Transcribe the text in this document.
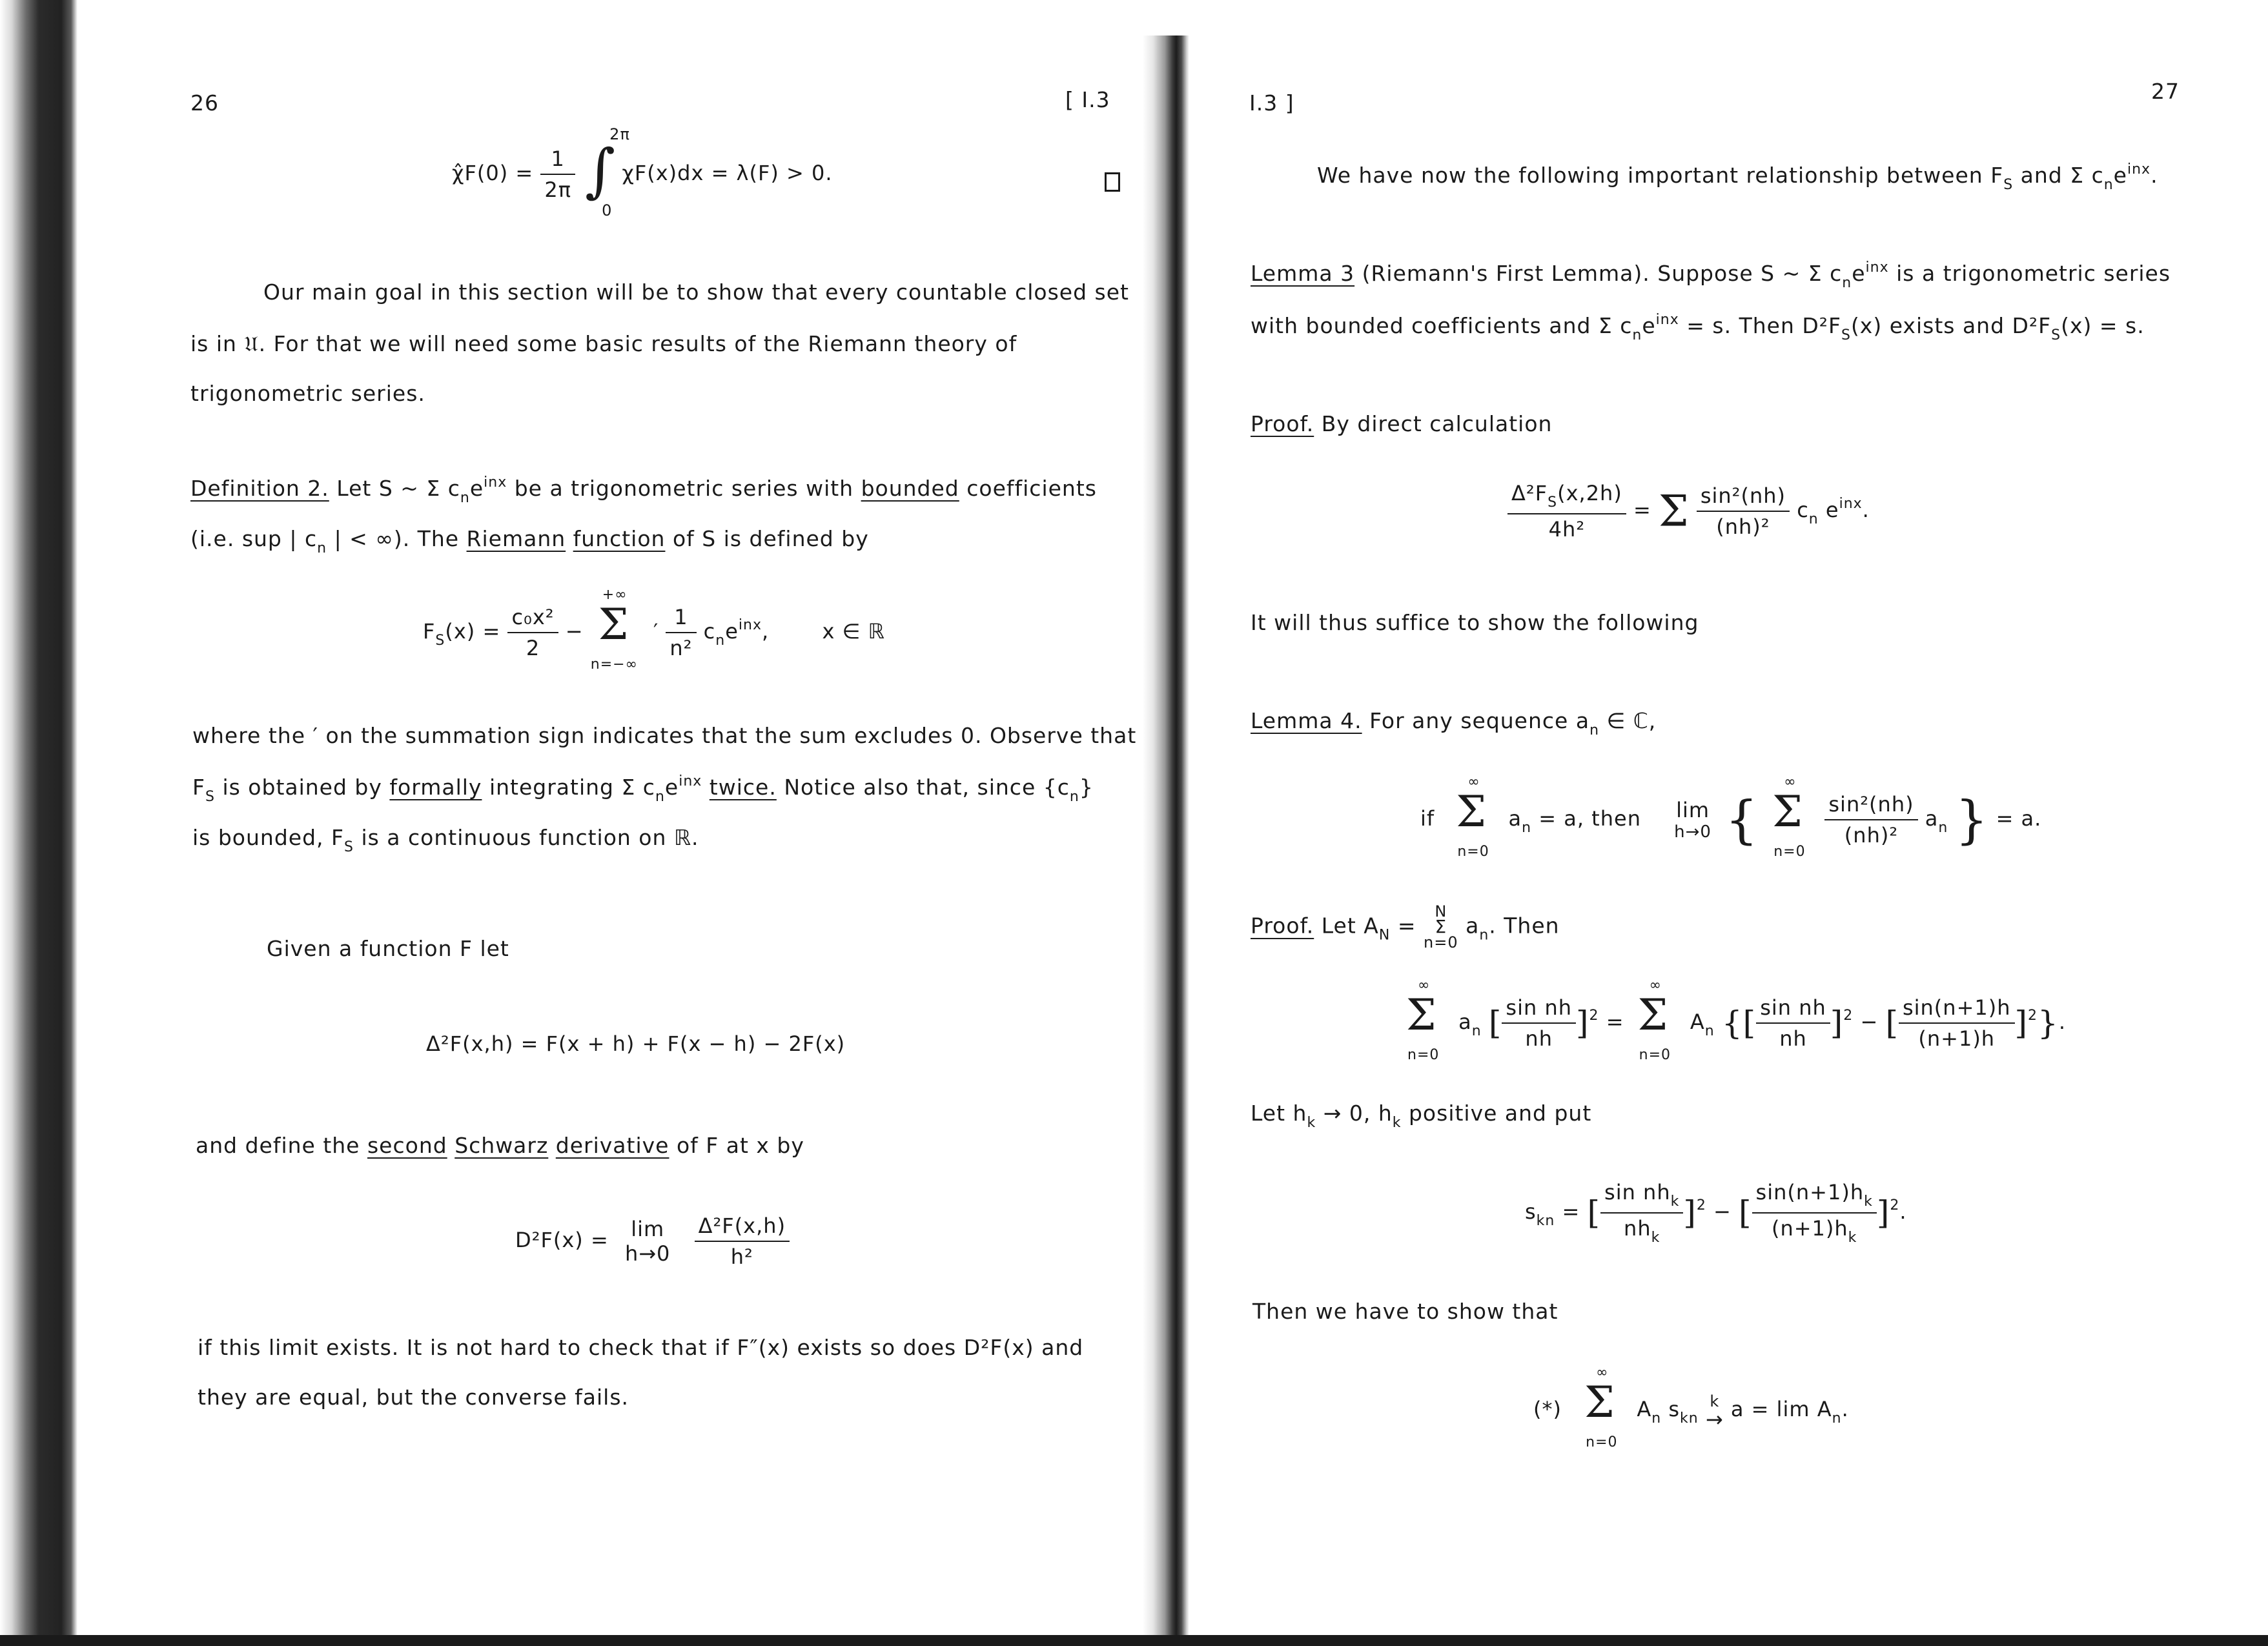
26	[ I.3
χ̂F(0) = $\frac{1}{2\pi}$
∫
2π
0
χF(x)dx = λ(F) > 0.
Our main goal in this section will be to show that every countable closed set
is in 𝔘. For that we will need some basic results of the Riemann theory of
trigonometric series.
Definition 2. Let S ~ Σ $c_ne^{inx}$ be a trigonometric series with bounded coefficients
(i.e. sup | $c_n$ | < ∞). The Riemann function of S is defined by
$F_S(x) = \frac{\text{c₀x²}}{2}$ −
+∞
Σ
n=−∞
′ $\frac{1}{\text{n²}} c_ne^{inx}$,	x ∈ ℝ
where the ′ on the summation sign indicates that the sum excludes 0. Observe that
$F_S$ is obtained by formally integrating Σ $c_ne^{inx}$ twice. Notice also that, since $\{c_n\}$
is bounded, $F_S$ is a continuous function on ℝ.
Given a function F let
Δ²F(x,h) = F(x + h) + F(x − h) − 2F(x)
and define the second Schwarz derivative of F at x by
D²F(x) = lim
h→0
$\frac{\text{Δ²F(x,h)}}{\text{h²}}$
if this limit exists. It is not hard to check that if F″(x) exists so does D²F(x) and
they are equal, but the converse fails.
I.3 ]	27
We have now the following important relationship between $F_S$ and Σ $c_ne^{inx}$.
Lemma 3 (Riemann's First Lemma). Suppose S ~ Σ $c_ne^{inx}$ is a trigonometric series
with bounded coefficients and Σ $c_ne^{inx} = s$. Then $D^2F_S(x)$ exists and $D^2F_S(x) = s$.
Proof. By direct calculation
$\frac{\Delta^2F_S(x,2h)}{\text{4h²}} = \Sigma \frac{\text{sin²(nh)}}{\text{(nh)²}} c_n$ $e^{inx}$.
It will thus suffice to show the following
Lemma 4. For any sequence $a_n$ ∈ ℂ,
if
∞
Σ
n=0
$a_n = a$, then lim
h→0 {
∞
Σ
n=0

$\frac{\text{sin²(nh)}}{\text{(nh)²}} a_n$ } = a.
Proof. Let $A_N$ =
N
Σ
n=0
$a_n$. Then
∞
Σ
n=0
$a_n$ [ $\frac{\text{sin nh}}{nh} ]^2$ =
∞
Σ
n=0
$A_n$ {[ $\frac{\text{sin nh}}{nh} ]^2$ − [ $\frac{\sin(n+1)h}{(n+1)h} ]^2$}.
Let $h_k \to 0$, $h_k$ positive and put
$s_{kn}$ = [ $\frac{\sin nh_k}{nh_k} ]^2$ − [ $\frac{\sin(n+1)h_k}{(n+1)h_k} ]^2$.
Then we have to show that
(*)
∞
Σ
n=0
$A_n$ $s_{kn}$
k
→ $a = \lim A_n$.
